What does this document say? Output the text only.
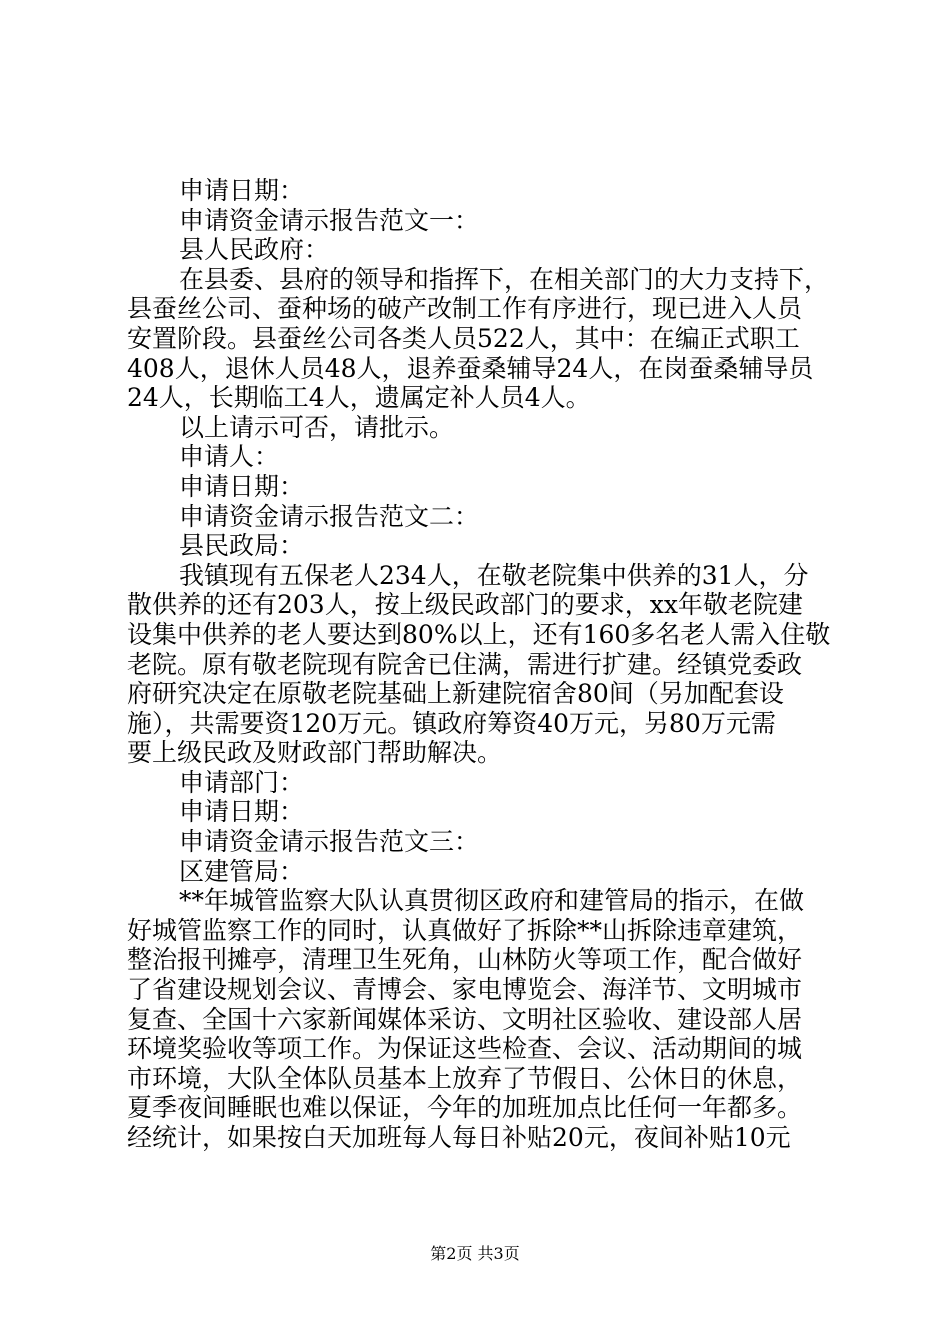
申请日期：
申请资金请示报告范文一：
县人民政府：
在县委、县府的领导和指挥下，在相关部门的大力支持下，
县蚕丝公司、蚕种场的破产改制工作有序进行，现已进入人员
安置阶段。县蚕丝公司各类人员522人，其中：在编正式职工
408人，退休人员48人，退养蚕桑辅导24人，在岗蚕桑辅导员
24人，长期临工4人，遗属定补人员4人。
以上请示可否，请批示。
申请人：
申请日期：
申请资金请示报告范文二：
县民政局：
我镇现有五保老人234人，在敬老院集中供养的31人，分
散供养的还有203人，按上级民政部门的要求，xx年敬老院建
设集中供养的老人要达到80%以上，还有160多名老人需入住敬
老院。原有敬老院现有院舍已住满，需进行扩建。经镇党委政
府研究决定在原敬老院基础上新建院宿舍80间（另加配套设
施），共需要资120万元。镇政府筹资40万元，另80万元需
要上级民政及财政部门帮助解决。
申请部门：
申请日期：
申请资金请示报告范文三：
区建管局：
**年城管监察大队认真贯彻区政府和建管局的指示，在做
好城管监察工作的同时，认真做好了拆除**山拆除违章建筑，
整治报刊摊亭，清理卫生死角，山林防火等项工作，配合做好
了省建设规划会议、青博会、家电博览会、海洋节、文明城市
复查、全国十六家新闻媒体采访、文明社区验收、建设部人居
环境奖验收等项工作。为保证这些检查、会议、活动期间的城
市环境，大队全体队员基本上放弃了节假日、公休日的休息，
夏季夜间睡眠也难以保证，今年的加班加点比任何一年都多。
经统计，如果按白天加班每人每日补贴20元，夜间补贴10元
第2页 共3页
